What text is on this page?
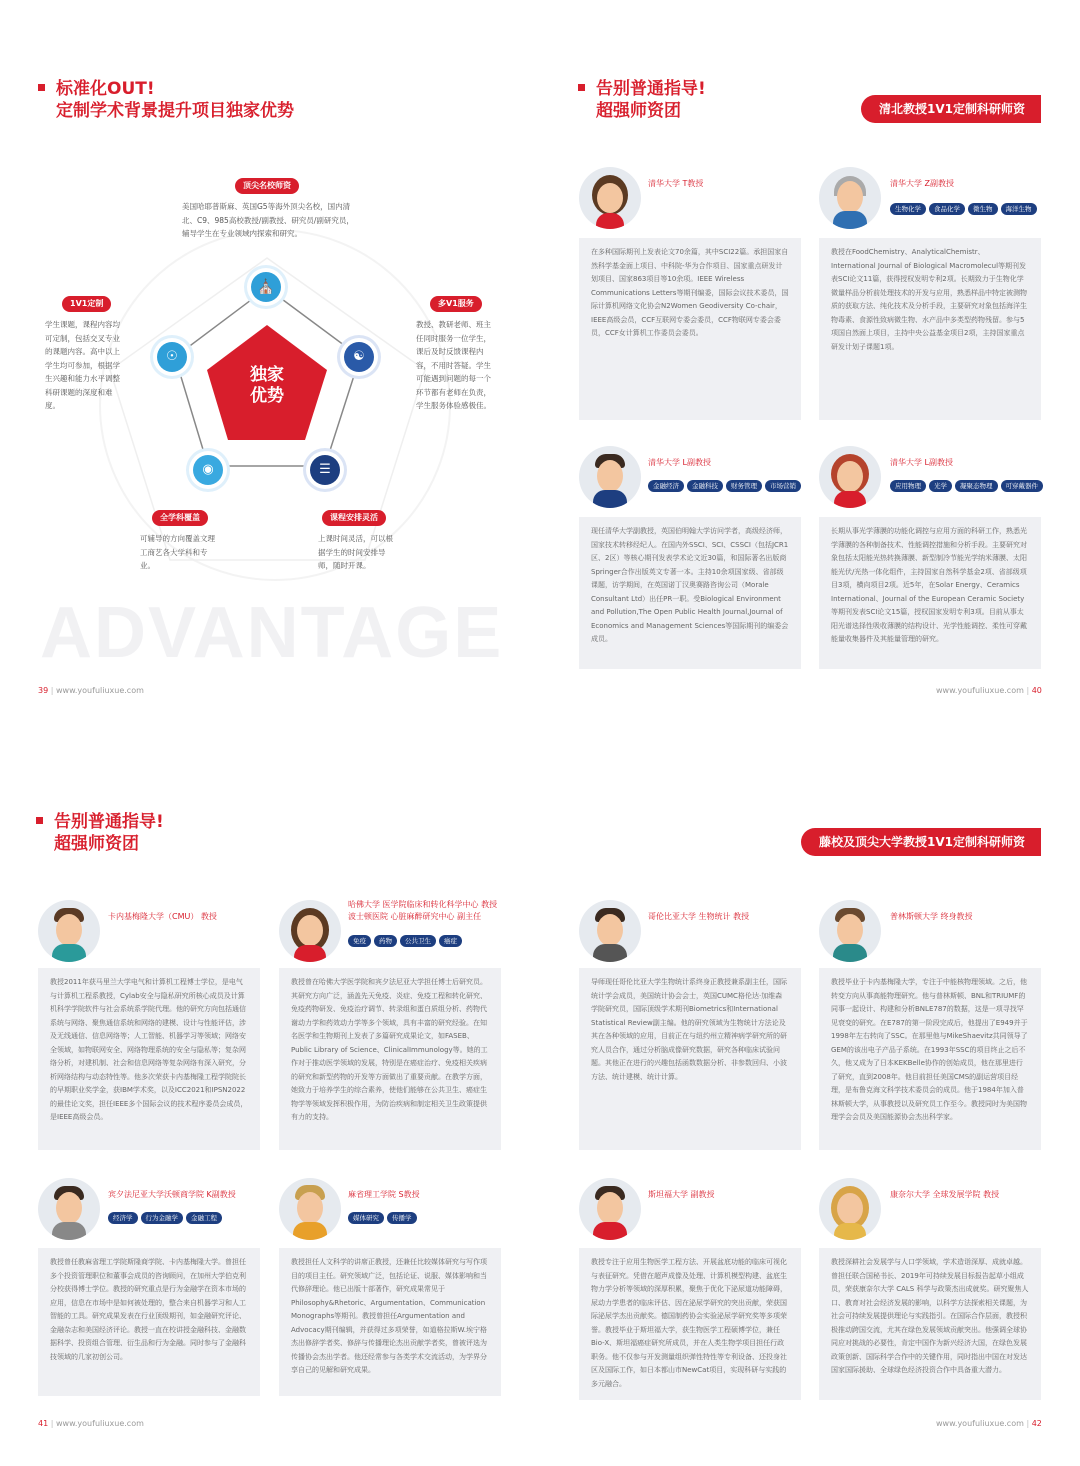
标准化OUT!
定制学术背景提升项目独家优势
ADVANTAGE
独家
优势
⛪
☯
☰
◉
☉
顶尖名校师资
美国哈耶普斯麻、英国G5等海外顶尖名校，国内清北、C9、985高校教授/副教授、研究员/副研究员，辅导学生在专业领域内探索和研究。
多V1服务
教授、教研老师、班主任同时服务一位学生，课后及时反馈课程内容，不用时答疑。学生可能遇到问题的每一个环节都有老师在负责，学生服务体验感极佳。
课程安排灵活
上课时间灵活，可以根据学生的时间安排导师，随时开课。
全学科覆盖
可辅导的方向覆盖文理工商艺各大学科和专业。
1V1定制
学生课题，课程内容均可定制，包括交叉专业的课题内容。高中以上学生均可参加，根据学生兴趣和能力水平调整科研课题的深度和难度。
39 | www.youfuliuxue.com
告别普通指导!
超强师资团	清北教授1V1定制科研师资
清华大学 T教授
在多种国际期刊上发表论文70余篇，其中SCI22篇。承担国家自然科学基金面上项目、中科院-华为合作项目、国家重点研发计划项目、国家863项目等10余项。IEEE Wireless Communications Letters等期刊编委，国际会议技术委员，国际计算机网络文化协会N2Women Geodiversity Co-chair，IEEE高级会员，CCF互联网专委会委员，CCF物联网专委会委员，CCF女计算机工作委员会委员。
清华大学 Z副教授
生物化学	食品化学	微生物	海洋生物
教授在FoodChemistry、AnalyticalChemistr、International Journal of Biological Macromolecul等期刊发表SCI论文11篇，获得授权发明专利2项。长期致力于生物化学微量样品分析前处理技术的开发与应用，熟悉样品中特定被测物质的获取方法、纯化技术及分析手段，主要研究对象包括海洋生物毒素、食源性致病微生物、水产品中多类型药物残留。参与5项国自然面上项目，主持中央公益基金项目2项，主持国家重点研发计划子课题1项。
清华大学 L副教授
金融经济	金融科技	财务管理	市场营销
现任清华大学副教授，英国伯明翰大学访问学者，高级经济师，国家技术转移经纪人。在国内外SSCI、SCI、CSSCI（包括JCR1区、2区）等核心期刊发表学术论文近30篇，和国际著名出版商Springer合作出版英文专著一本。主持10余项国家级、省部级课题，访学期间，在英国诺丁汉奥赛路咨询公司（Morale Consultant Ltd）出任PR一职。受Biological Environment and Pollution,The Open Public Health Journal,Journal of Economics and Management Sciences等国际期刊的编委会成员。
清华大学 L副教授
应用物理	光学	凝聚态物理	可穿戴器件
长期从事光学薄膜的功能化调控与应用方面的科研工作，熟悉光学薄膜的各种制备技术、性能调控措施和分析手段。主要研究对象包括太阳能光热转换薄膜、新型制冷节能光学纳米薄膜、太阳能光伏/光热一体化组件，主持国家自然科学基金2项、省部级项目3项，横向项目2项。近5年，在Solar Energy、Ceramics International、Journal of the European Ceramic Society等期刊发表SCI论文15篇，授权国家发明专利3项。目前从事太阳光谱选择性吸收薄膜的结构设计、光学性能调控、柔性可穿戴能量收集器件及其能量管理的研究。
www.youfuliuxue.com | 40
告别普通指导!
超强师资团
卡内基梅隆大学（CMU） 教授
教授2011年获马里兰大学电气和计算机工程博士学位，是电气与计算机工程系教授，Cylab安全与隐私研究所核心成员及计算机科学学院软件与社会系统系学院代理。他的研究方向包括通信系统与网络、聚焦通信系统和网络的建模、设计与性能评估，涉及无线通信、信息网络等；人工智能、机器学习等领域；网络安全领域，如物联网安全、网络物理系统的安全与隐私等；复杂网络分析，对建机制、社会和信息网络等复杂网络有深入研究，分析网络结构与动态特性等。他多次荣获卡内基梅隆工程学院院长的早期职业奖学金，获IBM学术奖，以及ICC2021和IPSN2022的最佳论文奖，担任IEEE多个国际会议的技术程序委员会成员，是IEEE高级会员。
哈佛大学 医学院临床和转化科学中心 教授
波士顿医院 心脏麻醉研究中心 副主任
免疫	药物	公共卫生	癌症
教授曾在哈佛大学医学院和宾夕法尼亚大学担任博士后研究员。其研究方向广泛，涵盖先天免疫、炎症、免疫工程和转化研究、免疫药物研发、免疫治疗调节、转录组和蛋白质组分析、药物代谢动力学和药效动力学等多个领域，具有丰富的研究经验。在知名医学和生物期刊上发表了多篇研究成果论文，如FASEB、Public Library of Science、ClinicalImmunology等。她的工作对于推动医学领域的发展，特别是在癌症治疗、免疫相关疾病的研究和新型药物的开发等方面做出了重要贡献。在教学方面，她致力于培养学生的综合素养，使他们能够在公共卫生、癌症生物学等领域发挥积极作用，为防治疾病和制定相关卫生政策提供有力的支持。
宾夕法尼亚大学沃顿商学院 K副教授
经济学	行为金融学	金融工程
教授曾任教麻省理工学院斯隆商学院、卡内基梅隆大学。曾担任多个投资管理职位和董事会成员的咨询顾问，在加州大学伯克利分校获得博士学位。教授的研究重点是行为金融学在资本市场的应用，信息在市场中是如何被处理的，整合来自机器学习和人工智能的工具。研究成果发表在行业顶级期刊，如金融研究评论、金融杂志和美国经济评论。教授一直在校讲授金融科技、金融数据科学、投资组合管理、衍生品和行为金融。同时参与了金融科技领域的几家初创公司。
麻省理工学院 S教授
媒体研究	传播学
教授担任人文科学的讲席正教授，还兼任比较媒体研究与写作项目的项目主任。研究领域广泛，包括论证、说服、媒体影响和当代修辞理论。他已出版十部著作，研究成果常见于Philosophy&Rhetoric、Argumentation、Communication Monographs等期刊。教授曾担任Argumentation and Advocacy期刊编辑，并获得过多项荣誉，如道格拉斯W.埃宁格杰出修辞学者奖、修辞与传播理论杰出贡献学者奖，曾被评选为传播协会杰出学者。他还经常参与各类学术交流活动，为学界分享自己的见解和研究成果。
41 | www.youfuliuxue.com
藤校及顶尖大学教授1V1定制科研师资
哥伦比亚大学 生物统计 教授
导师现任哥伦比亚大学生物统计系终身正教授兼系副主任，国际统计学会成员，美国统计协会会士，英国CUMC格伦达·加维森学院研究员，国际顶级学术期刊Biometrics和International Statistical Review副主编。他的研究领域为生物统计方法论及其在各种领域的应用，目前正在与纽约州立精神病学研究所的研究人员合作，通过分析脑成像研究数据，研究各种临床试验问题。其他正在进行的兴趣包括函数数据分析、非参数回归、小波方法、统计建模、统计计算。
普林斯顿大学 终身教授
教授毕业于卡内基梅隆大学，专注于中能核物理领域。之后，他转变方向从事高能物理研究。他与普林斯顿、BNL和TRIUMF的同事一起设计、构建和分析BNLE787的数据，这是一项寻找罕见衰变的研究。在E787的第一阶段完成后，他提出了E949并于1998年左右转向了SSC。在那里他与MikeShaevitz共同领导了GEM的该出电子产品子系统。在1993年SSC的项目终止之后不久，他又成为了日本KEKBelle协作的创始成员，他在那里进行了研究，直到2008年。他目前担任美国CMS的副运营项目经理，是布鲁克海文科学技术委员会的成员。他于1984年加入普林斯顿大学，从事教授以及研究员工作至今。教授同时为美国物理学会会员及美国能源协会杰出科学家。
斯坦福大学 副教授
教授专注于应用生物医学工程方法、开展盆底功能的临床可视化与表征研究。凭借在超声成像及处理、计算机模型构建、盆底生物力学分析等领域的深厚积累，聚焦于优化下泌尿道功能障碍，尿动力学患者的临床评估、因在泌尿学研究的突出贡献，荣获国际泌尿学杰出贡献奖。德国制药协会实验泌尿学研究奖等多项荣誉。教授毕业于斯坦福大学，获生物医学工程硕博学位，兼任Bio-X、斯坦福癌症研究所成员，并在人类生物学项目担任行政职务。他不仅参与开发测量组织弹性特性等专利设备、还投身社区及国际工作，如日本都山市NewCat项目，实现科研与实践的多元融合。
康奈尔大学 全球发展学院 教授
教授深耕社会发展学与人口学领域，学术造诣深厚、成就卓越。曾担任联合国秘书长、2019年可持续发展目标报告起草小组成员，荣获康奈尔大学 CALS 科学与政策杰出成就奖。研究聚焦人口、教育对社会经济发展的影响，以科学方法探索相关课题，为社会可持续发展提供理论与实践指引。在国际合作层面，教授积极推动跨国交流，尤其在绿色发展领域贡献突出。他强调全球协同应对挑战的必要性，肯定中国作为新兴经济大国，在绿色发展政策创新、国际科学合作中的关键作用，同时指出中国在对发达国家国际援助、全球绿色经济投资合作中具备重大潜力。
www.youfuliuxue.com | 42
